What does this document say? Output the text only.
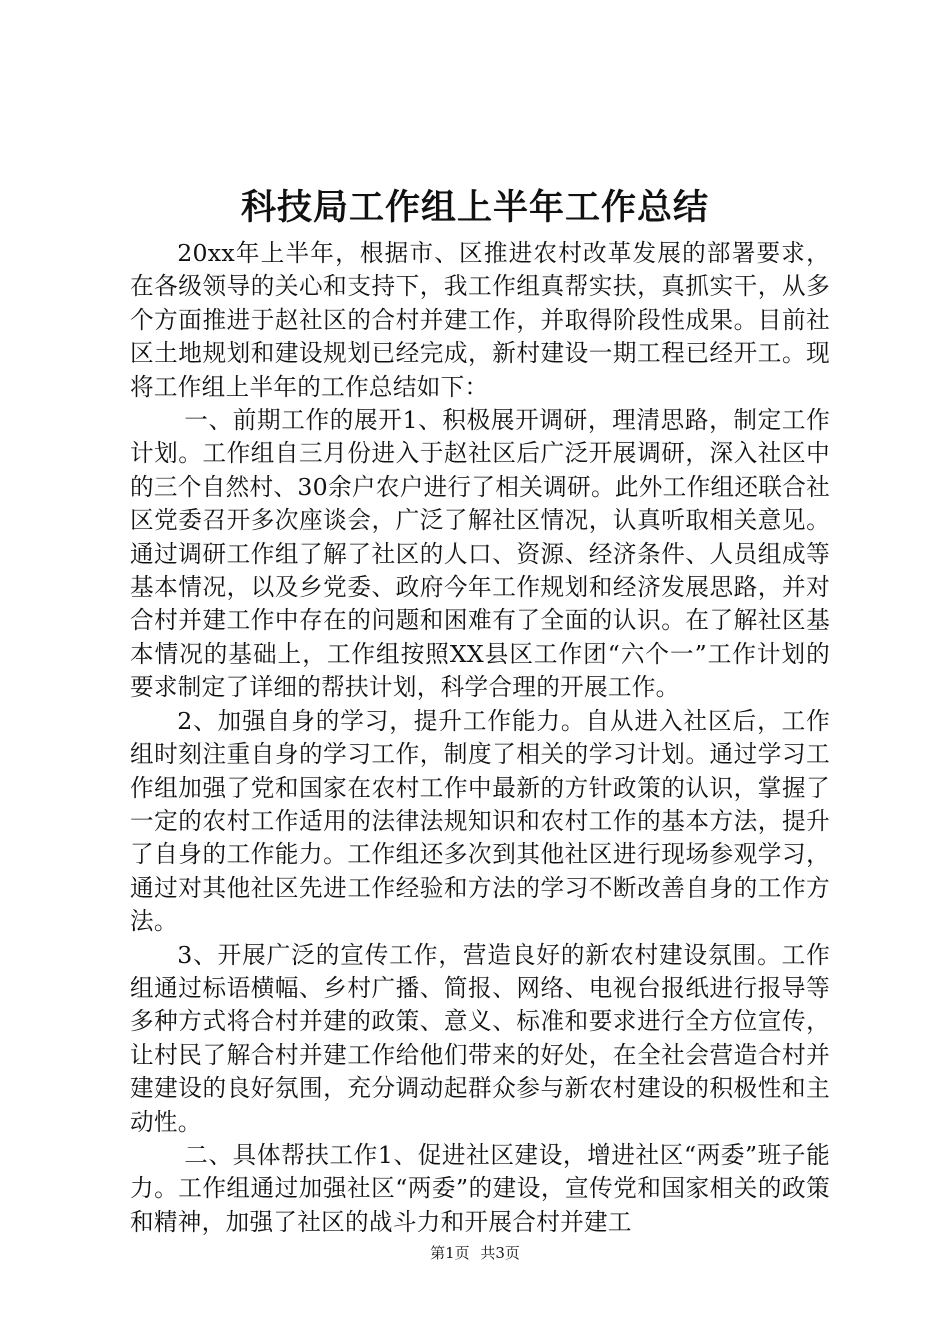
科技局工作组上半年工作总结

20xx年上半年，根据市、区推进农村改革发展的部署要求，在各级领导的关心和支持下，我工作组真帮实扶，真抓实干，从多个方面推进于赵社区的合村并建工作，并取得阶段性成果。目前社区土地规划和建设规划已经完成，新村建设一期工程已经开工。现将工作组上半年的工作总结如下：

一、前期工作的展开1、积极展开调研，理清思路，制定工作计划。工作组自三月份进入于赵社区后广泛开展调研，深入社区中的三个自然村、30余户农户进行了相关调研。此外工作组还联合社区党委召开多次座谈会，广泛了解社区情况，认真听取相关意见。通过调研工作组了解了社区的人口、资源、经济条件、人员组成等基本情况，以及乡党委、政府今年工作规划和经济发展思路，并对合村并建工作中存在的问题和困难有了全面的认识。在了解社区基本情况的基础上，工作组按照XX县区工作团“六个一”工作计划的要求制定了详细的帮扶计划，科学合理的开展工作。

2、加强自身的学习，提升工作能力。自从进入社区后，工作组时刻注重自身的学习工作，制度了相关的学习计划。通过学习工作组加强了党和国家在农村工作中最新的方针政策的认识，掌握了一定的农村工作适用的法律法规知识和农村工作的基本方法，提升了自身的工作能力。工作组还多次到其他社区进行现场参观学习，通过对其他社区先进工作经验和方法的学习不断改善自身的工作方法。

3、开展广泛的宣传工作，营造良好的新农村建设氛围。工作组通过标语横幅、乡村广播、简报、网络、电视台报纸进行报导等多种方式将合村并建的政策、意义、标准和要求进行全方位宣传，让村民了解合村并建工作给他们带来的好处，在全社会营造合村并建建设的良好氛围，充分调动起群众参与新农村建设的积极性和主动性。

二、具体帮扶工作1、促进社区建设，增进社区“两委”班子能力。工作组通过加强社区“两委”的建设，宣传党和国家相关的政策和精神，加强了社区的战斗力和开展合村并建工

第1页 共3页
